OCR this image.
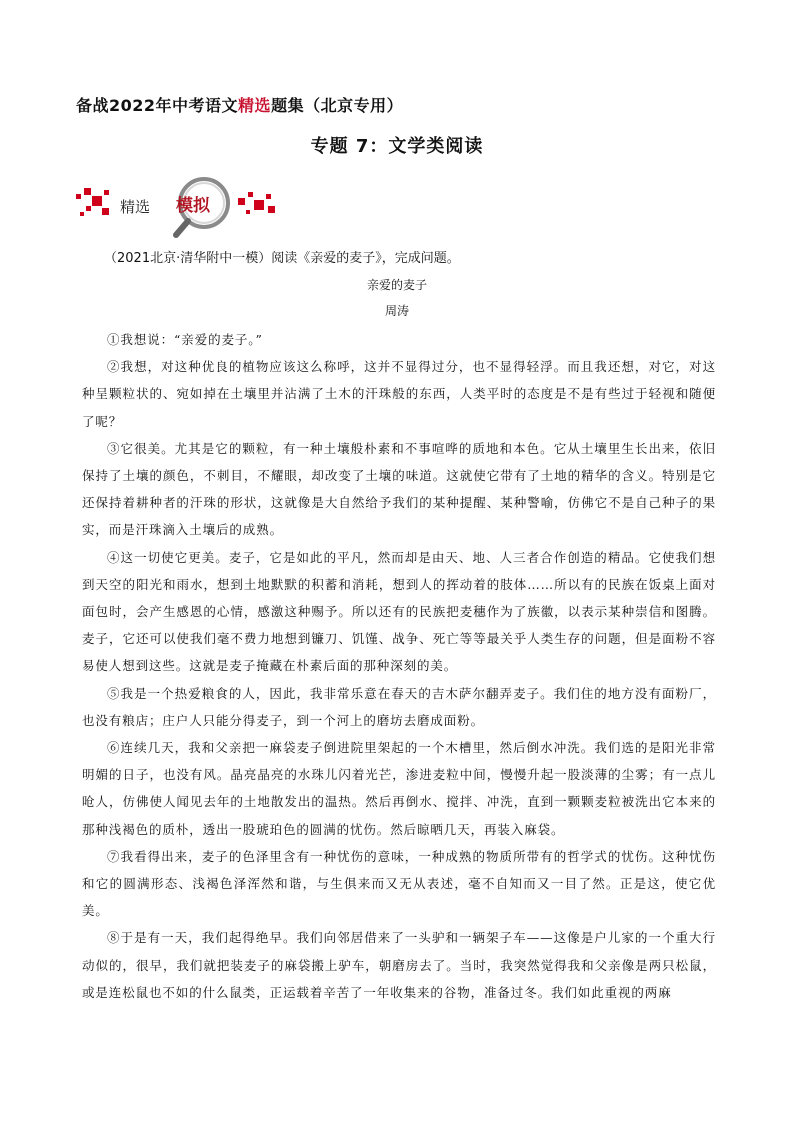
备战2022年中考语文精选题集（北京专用）
专题 7：文学类阅读
精选 模拟
（2021北京·清华附中一模）阅读《亲爱的麦子》，完成问题。
亲爱的麦子
周涛

①我想说：“亲爱的麦子。”

②我想，对这种优良的植物应该这么称呼，这并不显得过分，也不显得轻浮。而且我还想，对它，对这种呈颗粒状的、宛如掉在土壤里并沾满了土木的汗珠般的东西，人类平时的态度是不是有些过于轻视和随便了呢？

③它很美。尤其是它的颗粒，有一种土壤般朴素和不事喧哗的质地和本色。它从土壤里生长出来，依旧保持了土壤的颜色，不刺目，不耀眼，却改变了土壤的味道。这就使它带有了土地的精华的含义。特别是它还保持着耕种者的汗珠的形状，这就像是大自然给予我们的某种提醒、某种警喻，仿佛它不是自己种子的果实，而是汗珠滴入土壤后的成熟。

④这一切使它更美。麦子，它是如此的平凡，然而却是由天、地、人三者合作创造的精品。它使我们想到天空的阳光和雨水，想到土地默默的积蓄和消耗，想到人的挥动着的肢体……所以有的民族在饭桌上面对面包时，会产生感恩的心情，感激这种赐予。所以还有的民族把麦穗作为了族徽，以表示某种崇信和图腾。麦子，它还可以使我们毫不费力地想到镰刀、饥馑、战争、死亡等等最关乎人类生存的问题，但是面粉不容易使人想到这些。这就是麦子掩藏在朴素后面的那种深刻的美。

⑤我是一个热爱粮食的人，因此，我非常乐意在春天的吉木萨尔翻弄麦子。我们住的地方没有面粉厂，也没有粮店；庄户人只能分得麦子，到一个河上的磨坊去磨成面粉。

⑥连续几天，我和父亲把一麻袋麦子倒进院里架起的一个木槽里，然后倒水冲洗。我们选的是阳光非常明媚的日子，也没有风。晶亮晶亮的水珠儿闪着光芒，渗进麦粒中间，慢慢升起一股淡薄的尘雾；有一点儿呛人，仿佛使人闻见去年的土地散发出的温热。然后再倒水、搅拌、冲洗，直到一颗颗麦粒被洗出它本来的那种浅褐色的质朴，透出一股琥珀色的圆满的忧伤。然后晾晒几天，再装入麻袋。

⑦我看得出来，麦子的色泽里含有一种忧伤的意味，一种成熟的物质所带有的哲学式的忧伤。这种忧伤和它的圆满形态、浅褐色泽浑然和谐，与生俱来而又无从表述，毫不自知而又一目了然。正是这，使它优美。

⑧于是有一天，我们起得绝早。我们向邻居借来了一头驴和一辆架子车——这像是户儿家的一个重大行动似的，很早，我们就把装麦子的麻袋搬上驴车，朝磨房去了。当时，我突然觉得我和父亲像是两只松鼠，或是连松鼠也不如的什么鼠类，正运载着辛苦了一年收集来的谷物，准备过冬。我们如此重视的两麻
